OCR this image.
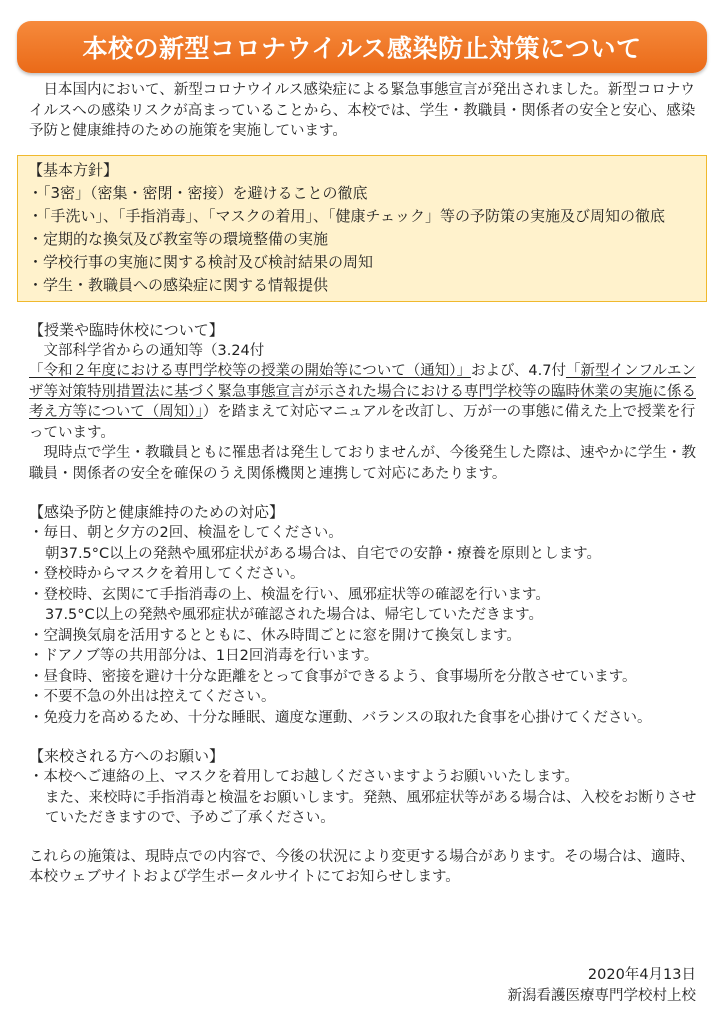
本校の新型コロナウイルス感染防止対策について

日本国内において、新型コロナウイルス感染症による緊急事態宣言が発出されました。新型コロナウイルスへの感染リスクが高まっていることから、本校では、学生・教職員・関係者の安全と安心、感染予防と健康維持のための施策を実施しています。

【基本方針】
・「3密」（密集・密閉・密接）を避けることの徹底
・「手洗い」、「手指消毒」、「マスクの着用」、「健康チェック」等の予防策の実施及び周知の徹底
・定期的な換気及び教室等の環境整備の実施
・学校行事の実施に関する検討及び検討結果の周知
・学生・教職員への感染症に関する情報提供
【授業や臨時休校について】

文部科学省からの通知等（3.24付「令和２年度における専門学校等の授業の開始等について（通知）」および、4.7付「新型インフルエンザ等対策特別措置法に基づく緊急事態宣言が示された場合における専門学校等の臨時休業の実施に係る考え方等について（周知）」）を踏まえて対応マニュアルを改訂し、万が一の事態に備えた上で授業を行っています。

現時点で学生・教職員ともに罹患者は発生しておりませんが、今後発生した際は、速やかに学生・教職員・関係者の安全を確保のうえ関係機関と連携して対応にあたります。

【感染予防と健康維持のための対応】
・毎日、朝と夕方の2回、検温をしてください。
朝37.5°C以上の発熱や風邪症状がある場合は、自宅での安静・療養を原則とします。
・登校時からマスクを着用してください。
・登校時、玄関にて手指消毒の上、検温を行い、風邪症状等の確認を行います。
37.5°C以上の発熱や風邪症状が確認された場合は、帰宅していただきます。
・空調換気扇を活用するとともに、休み時間ごとに窓を開けて換気します。
・ドアノブ等の共用部分は、1日2回消毒を行います。
・昼食時、密接を避け十分な距離をとって食事ができるよう、食事場所を分散させています。
・不要不急の外出は控えてください。
・免疫力を高めるため、十分な睡眠、適度な運動、バランスの取れた食事を心掛けてください。
【来校される方へのお願い】
・本校へご連絡の上、マスクを着用してお越しくださいますようお願いいたします。
また、来校時に手指消毒と検温をお願いします。発熱、風邪症状等がある場合は、入校をお断りさせていただきますので、予めご了承ください。

これらの施策は、現時点での内容で、今後の状況により変更する場合があります。その場合は、適時、本校ウェブサイトおよび学生ポータルサイトにてお知らせします。

2020年4月13日
新潟看護医療専門学校村上校
